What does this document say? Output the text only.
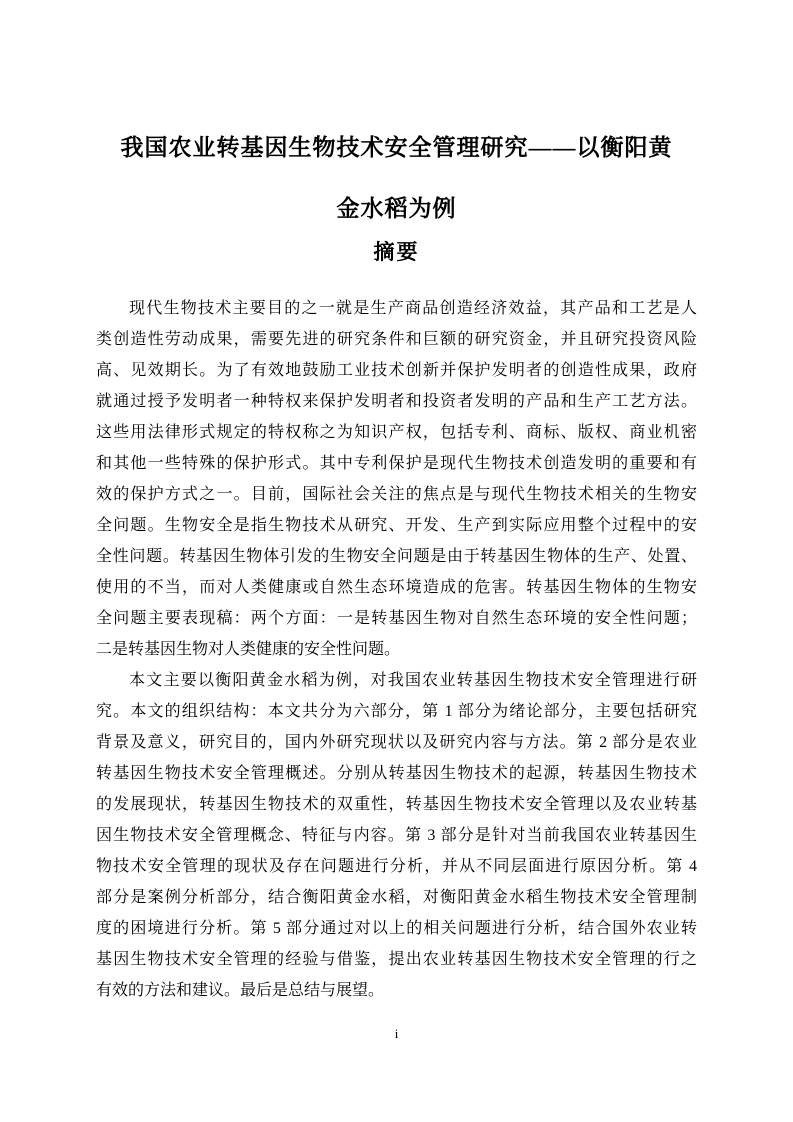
我国农业转基因生物技术安全管理研究——以衡阳黄
金水稻为例
摘要

现代生物技术主要目的之一就是生产商品创造经济效益，其产品和工艺是人
类创造性劳动成果，需要先进的研究条件和巨额的研究资金，并且研究投资风险
高、见效期长。为了有效地鼓励工业技术创新并保护发明者的创造性成果，政府
就通过授予发明者一种特权来保护发明者和投资者发明的产品和生产工艺方法。
这些用法律形式规定的特权称之为知识产权，包括专利、商标、版权、商业机密
和其他一些特殊的保护形式。其中专利保护是现代生物技术创造发明的重要和有
效的保护方式之一。目前，国际社会关注的焦点是与现代生物技术相关的生物安
全问题。生物安全是指生物技术从研究、开发、生产到实际应用整个过程中的安
全性问题。转基因生物体引发的生物安全问题是由于转基因生物体的生产、处置、
使用的不当，而对人类健康或自然生态环境造成的危害。转基因生物体的生物安
全问题主要表现稿：两个方面：一是转基因生物对自然生态环境的安全性问题；
二是转基因生物对人类健康的安全性问题。

本文主要以衡阳黄金水稻为例，对我国农业转基因生物技术安全管理进行研
究。本文的组织结构：本文共分为六部分，第 1 部分为绪论部分，主要包括研究
背景及意义，研究目的，国内外研究现状以及研究内容与方法。第 2 部分是农业
转基因生物技术安全管理概述。分别从转基因生物技术的起源，转基因生物技术
的发展现状，转基因生物技术的双重性，转基因生物技术安全管理以及农业转基
因生物技术安全管理概念、特征与内容。第 3 部分是针对当前我国农业转基因生
物技术安全管理的现状及存在问题进行分析，并从不同层面进行原因分析。第 4
部分是案例分析部分，结合衡阳黄金水稻，对衡阳黄金水稻生物技术安全管理制
度的困境进行分析。第 5 部分通过对以上的相关问题进行分析，结合国外农业转
基因生物技术安全管理的经验与借鉴，提出农业转基因生物技术安全管理的行之
有效的方法和建议。最后是总结与展望。

i
